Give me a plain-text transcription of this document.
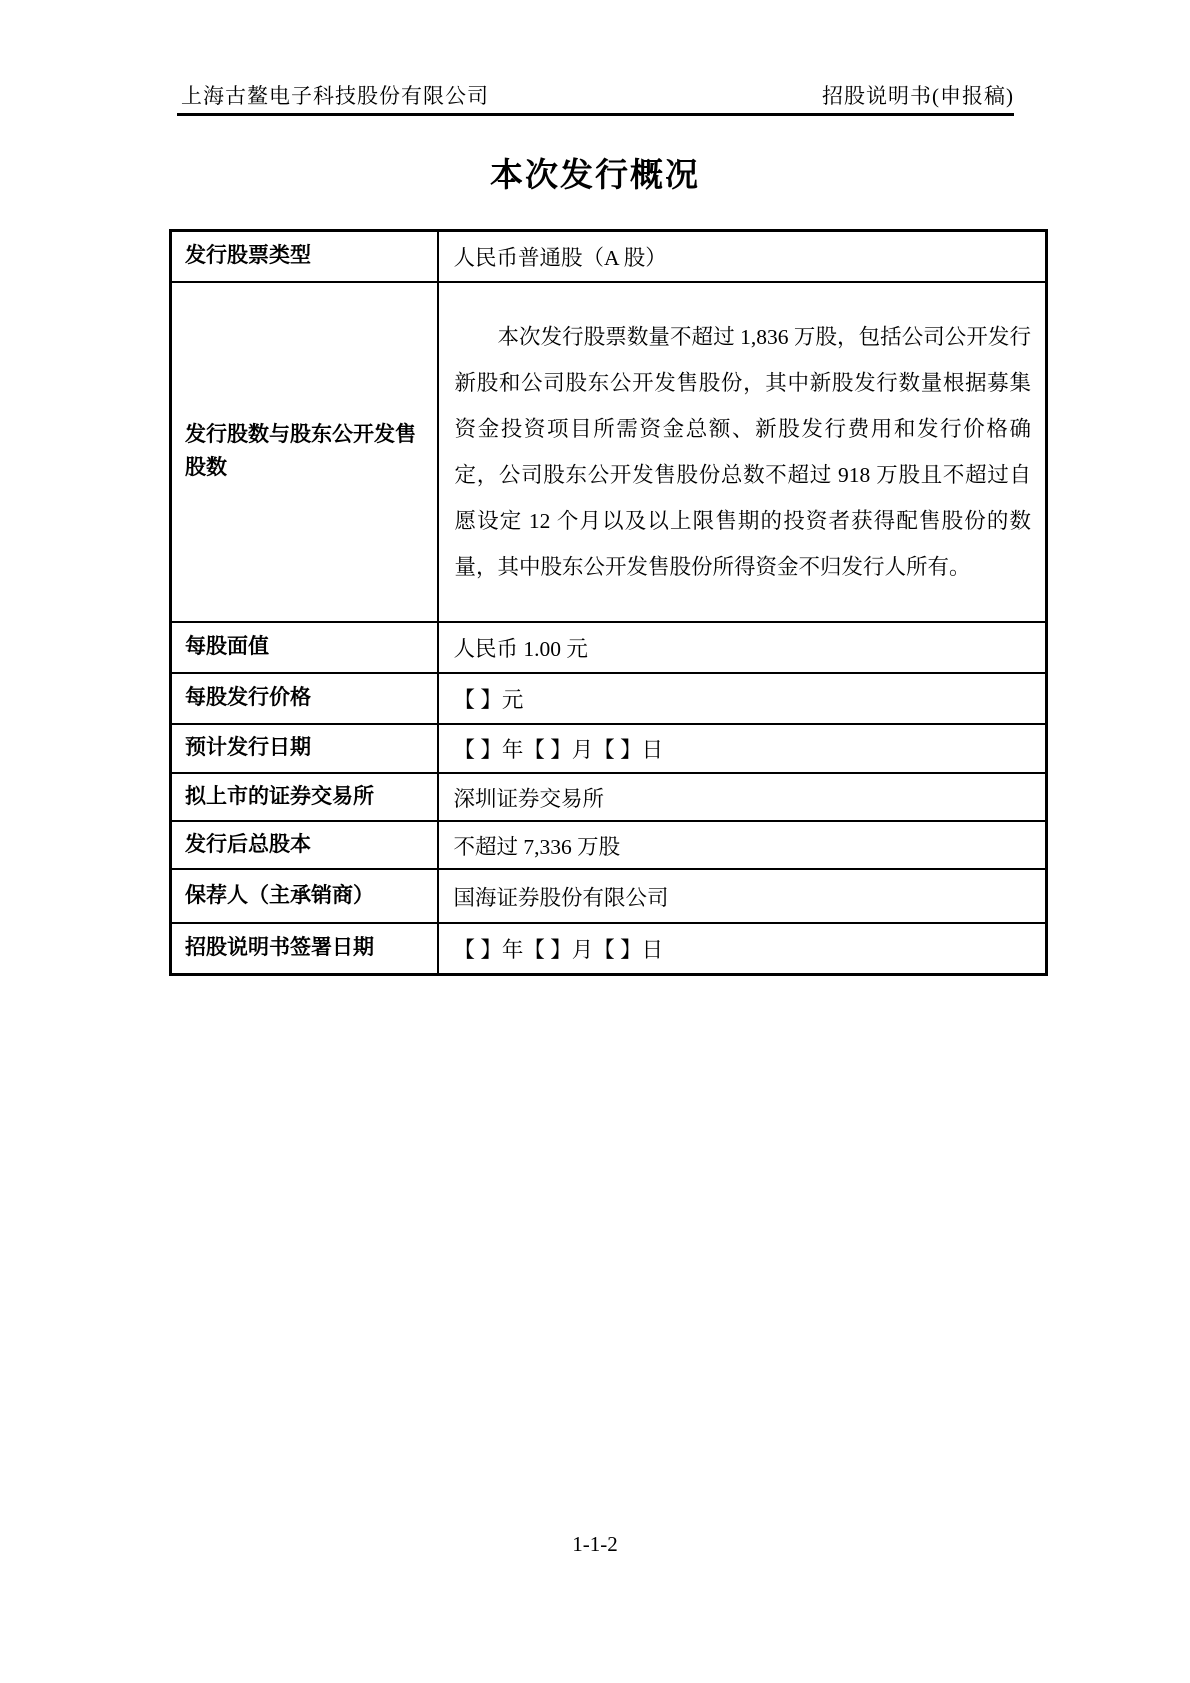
上海古鳌电子科技股份有限公司	招股说明书(申报稿)
本次发行概况
发行股票类型	人民币普通股（A 股）
发行股数与股东公开发售股数	本次发行股票数量不超过 1,836 万股，包括公司公开发行新股和公司股东公开发售股份，其中新股发行数量根据募集资金投资项目所需资金总额、新股发行费用和发行价格确定，公司股东公开发售股份总数不超过 918 万股且不超过自愿设定 12 个月以及以上限售期的投资者获得配售股份的数量，其中股东公开发售股份所得资金不归发行人所有。
每股面值	人民币 1.00 元
每股发行价格	【 】元
预计发行日期	【 】年【 】月【 】日
拟上市的证券交易所	深圳证券交易所
发行后总股本	不超过 7,336 万股
保荐人（主承销商）	国海证券股份有限公司
招股说明书签署日期	【 】年【 】月【 】日
1-1-2
